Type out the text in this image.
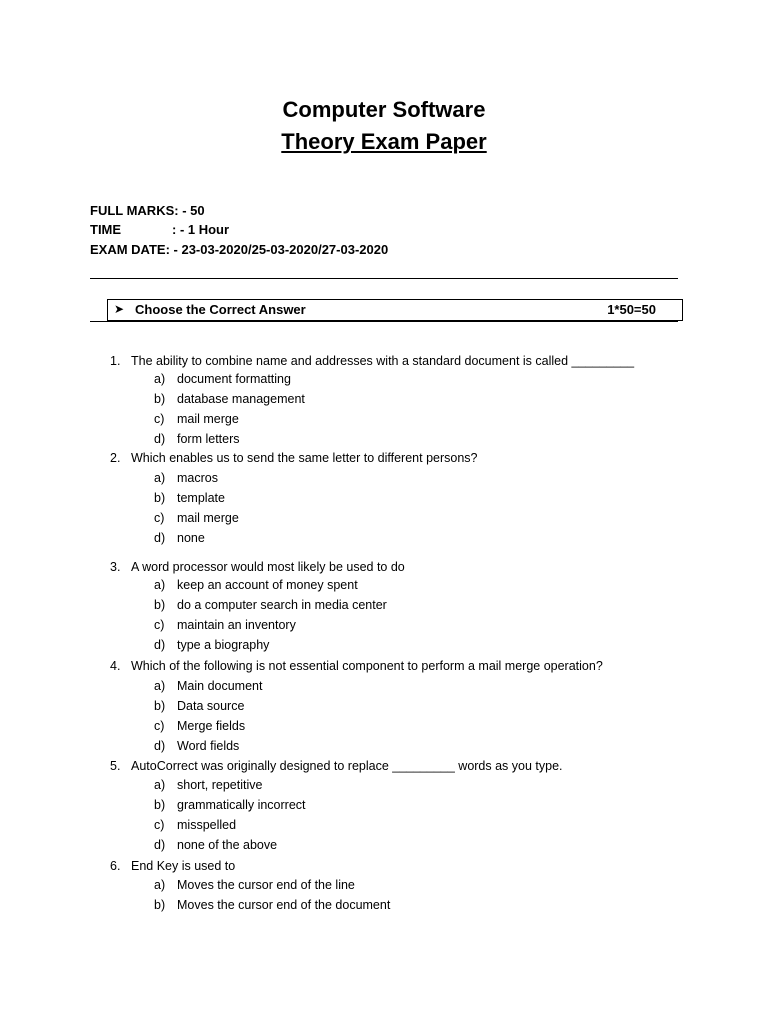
Computer Software
Theory Exam Paper
FULL MARKS: - 50
TIME	: - 1 Hour
EXAM DATE: - 23-03-2020/25-03-2020/27-03-2020
➤ Choose the Correct Answer	1*50=50
1. The ability to combine name and addresses with a standard document is called _________
a) document formatting
b) database management
c) mail merge
d) form letters
2. Which enables us to send the same letter to different persons?
a) macros
b) template
c) mail merge
d) none
3. A word processor would most likely be used to do
a) keep an account of money spent
b) do a computer search in media center
c) maintain an inventory
d) type a biography
4. Which of the following is not essential component to perform a mail merge operation?
a) Main document
b) Data source
c) Merge fields
d) Word fields
5. AutoCorrect was originally designed to replace _________ words as you type.
a) short, repetitive
b) grammatically incorrect
c) misspelled
d) none of the above
6. End Key is used to
a) Moves the cursor end of the line
b) Moves the cursor end of the document
